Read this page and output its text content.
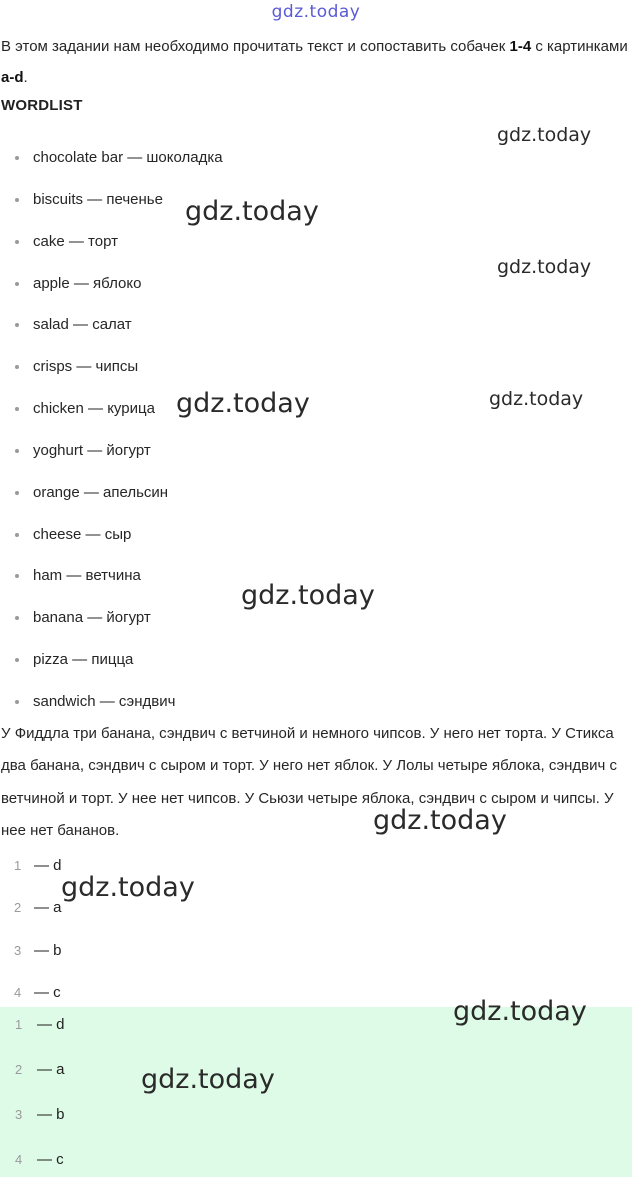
gdz.today
В этом задании нам необходимо прочитать текст и сопоставить собачек 1-4 с картинками a-d.
WORDLIST
chocolate bar — шоколадка
biscuits — печенье
cake — торт
apple — яблоко
salad — салат
crisps — чипсы
chicken — курица
yoghurt — йогурт
orange — апельсин
cheese — сыр
ham — ветчина
banana — йогурт
pizza — пицца
sandwich — сэндвич
У Фиддла три банана, сэндвич с ветчиной и немного чипсов. У него нет торта. У Стикса два банана, сэндвич с сыром и торт. У него нет яблок. У Лолы четыре яблока, сэндвич с ветчиной и торт. У нее нет чипсов. У Сьюзи четыре яблока, сэндвич с сыром и чипсы. У нее нет бананов.
1 — d
2 — a
3 — b
4 — c
1 — d
2 — a
3 — b
4 — c
gdz.today
gdz.today
gdz.today
gdz.today	gdz.today
gdz.today
gdz.today
gdz.today
gdz.today
gdz.today
